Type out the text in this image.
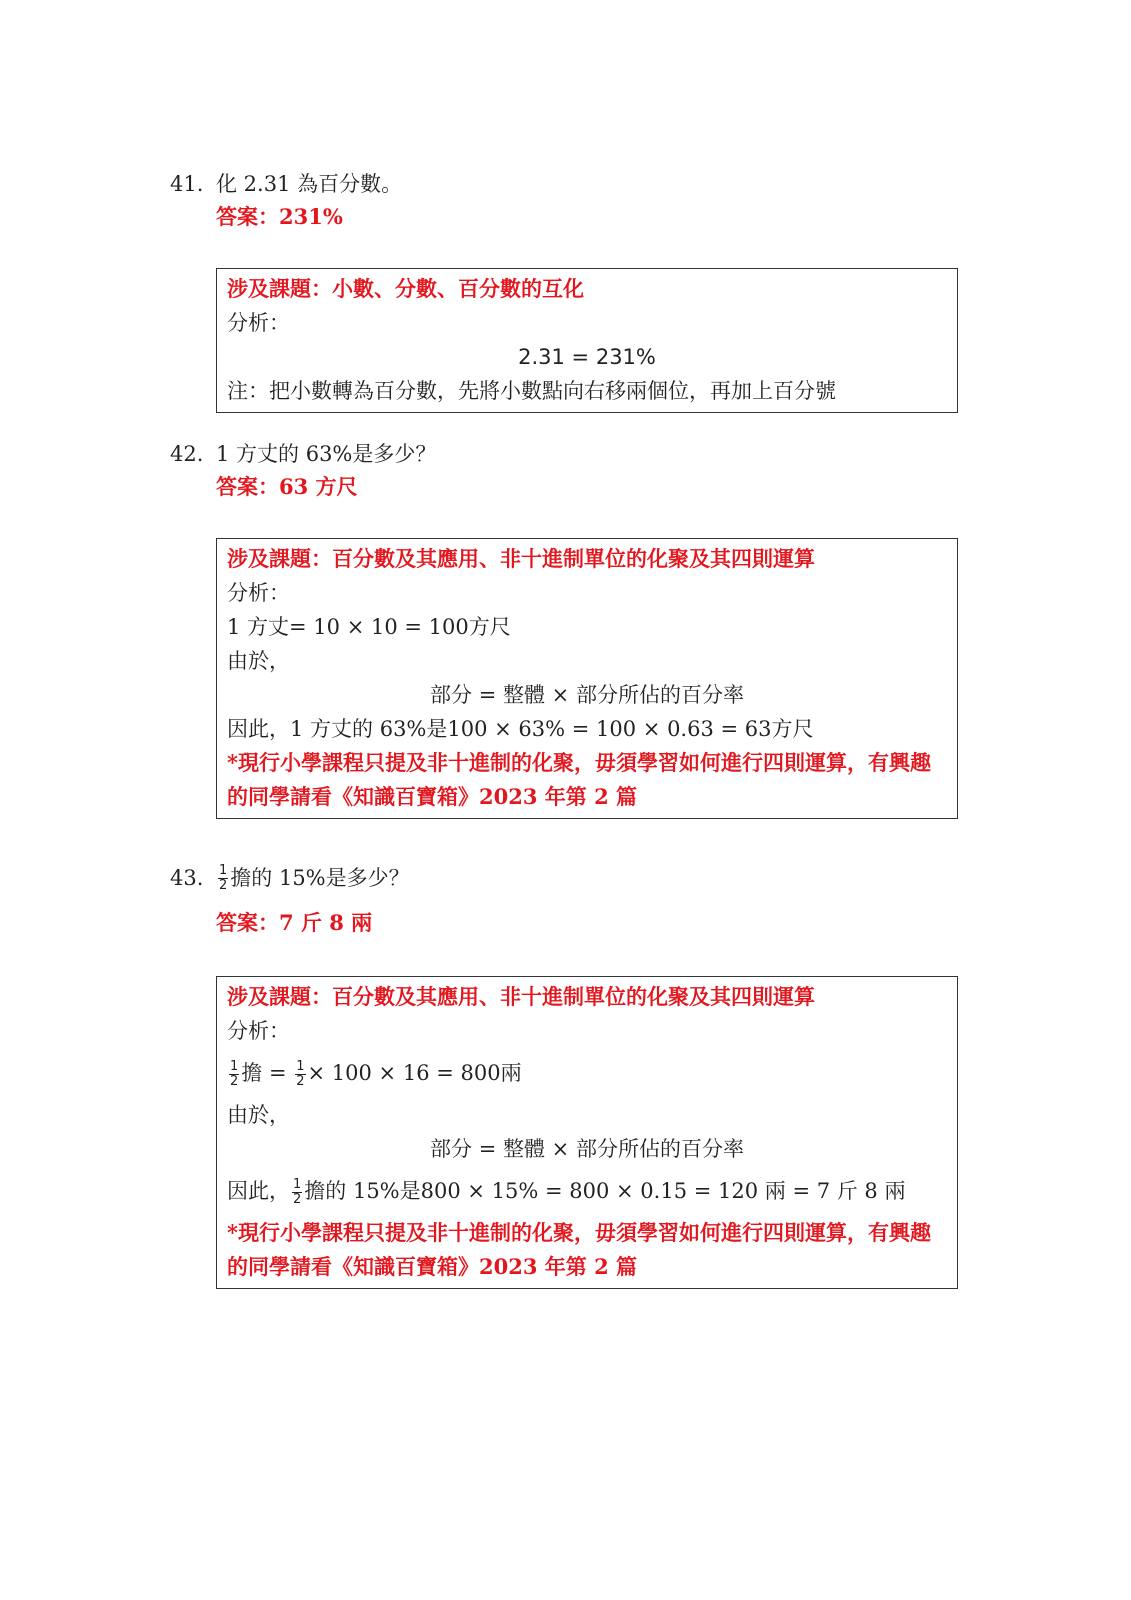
41. 化 2.31 為百分數。
答案：231%
涉及課題：小數、分數、百分數的互化
分析：
2.31 = 231%
注：把小數轉為百分數，先將小數點向右移兩個位，再加上百分號
42. 1 方丈的 63%是多少？
答案：63 方尺
涉及課題：百分數及其應用、非十進制單位的化聚及其四則運算
分析：
1 方丈= 10 × 10 = 100方尺
由於，
部分 = 整體 × 部分所佔的百分率
因此，1 方丈的 63%是100 × 63% = 100 × 0.63 = 63方尺
*現行小學課程只提及非十進制的化聚，毋須學習如何進行四則運算，有興趣的同學請看《知識百寶箱》2023 年第 2 篇
43.	$\frac{1}{2}$ 擔的 15%是多少？
答案：7 斤 8 兩
涉及課題：百分數及其應用、非十進制單位的化聚及其四則運算
分析：
$\frac{1}{2}$ 擔 = $\frac{1}{2} \times 100 \times 16 = 800$兩
由於，
部分 = 整體 × 部分所佔的百分率
因此， $\frac{1}{2}$ 擔的 15%是800 × 15% = 800 × 0.15 = 120 兩 = 7 斤 8 兩
*現行小學課程只提及非十進制的化聚，毋須學習如何進行四則運算，有興趣的同學請看《知識百寶箱》2023 年第 2 篇
